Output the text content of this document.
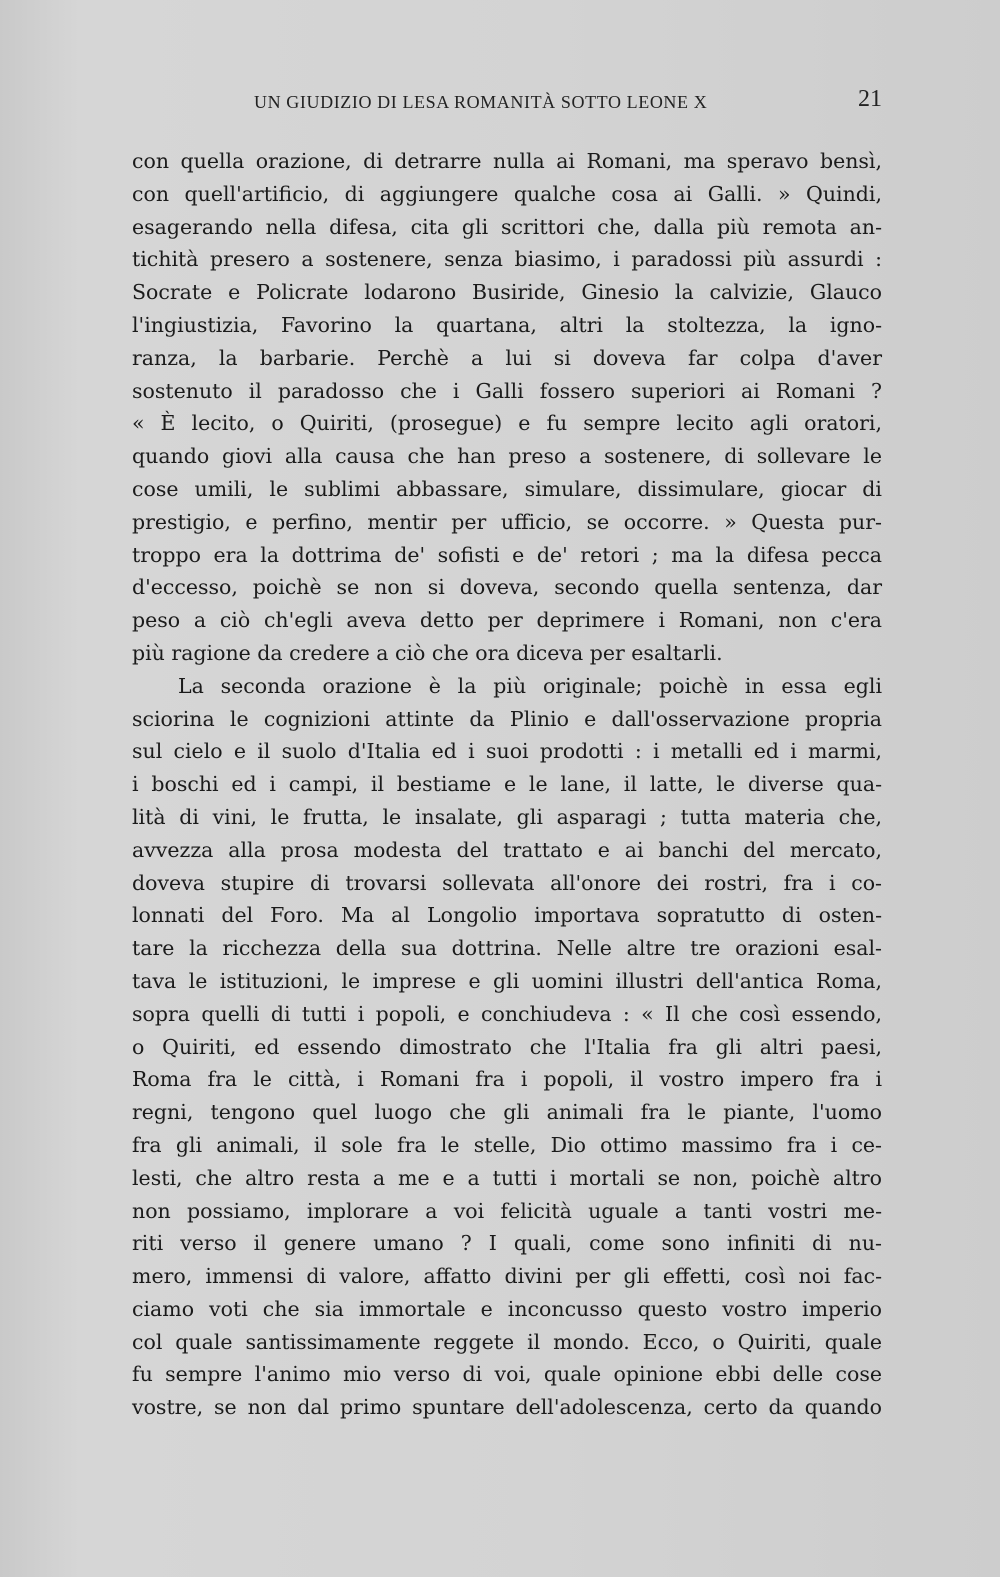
UN GIUDIZIO DI LESA ROMANITÀ SOTTO LEONE X	21
con quella orazione, di detrarre nulla ai Romani, ma speravo bensì,
con quell'artificio, di aggiungere qualche cosa ai Galli. » Quindi,
esagerando nella difesa, cita gli scrittori che, dalla più remota an-
tichità presero a sostenere, senza biasimo, i paradossi più assurdi :
Socrate e Policrate lodarono Busiride, Ginesio la calvizie, Glauco
l'ingiustizia, Favorino la quartana, altri la stoltezza, la igno-
ranza, la barbarie. Perchè a lui si doveva far colpa d'aver
sostenuto il paradosso che i Galli fossero superiori ai Romani ?
« È lecito, o Quiriti, (prosegue) e fu sempre lecito agli oratori,
quando giovi alla causa che han preso a sostenere, di sollevare le
cose umili, le sublimi abbassare, simulare, dissimulare, giocar di
prestigio, e perfino, mentir per ufficio, se occorre. » Questa pur-
troppo era la dottrima de' sofisti e de' retori ; ma la difesa pecca
d'eccesso, poichè se non si doveva, secondo quella sentenza, dar
peso a ciò ch'egli aveva detto per deprimere i Romani, non c'era
più ragione da credere a ciò che ora diceva per esaltarli.
La seconda orazione è la più originale; poichè in essa egli
sciorina le cognizioni attinte da Plinio e dall'osservazione propria
sul cielo e il suolo d'Italia ed i suoi prodotti : i metalli ed i marmi,
i boschi ed i campi, il bestiame e le lane, il latte, le diverse qua-
lità di vini, le frutta, le insalate, gli asparagi ; tutta materia che,
avvezza alla prosa modesta del trattato e ai banchi del mercato,
doveva stupire di trovarsi sollevata all'onore dei rostri, fra i co-
lonnati del Foro. Ma al Longolio importava sopratutto di osten-
tare la ricchezza della sua dottrina. Nelle altre tre orazioni esal-
tava le istituzioni, le imprese e gli uomini illustri dell'antica Roma,
sopra quelli di tutti i popoli, e conchiudeva : « Il che così essendo,
o Quiriti, ed essendo dimostrato che l'Italia fra gli altri paesi,
Roma fra le città, i Romani fra i popoli, il vostro impero fra i
regni, tengono quel luogo che gli animali fra le piante, l'uomo
fra gli animali, il sole fra le stelle, Dio ottimo massimo fra i ce-
lesti, che altro resta a me e a tutti i mortali se non, poichè altro
non possiamo, implorare a voi felicità uguale a tanti vostri me-
riti verso il genere umano ? I quali, come sono infiniti di nu-
mero, immensi di valore, affatto divini per gli effetti, così noi fac-
ciamo voti che sia immortale e inconcusso questo vostro imperio
col quale santissimamente reggete il mondo. Ecco, o Quiriti, quale
fu sempre l'animo mio verso di voi, quale opinione ebbi delle cose
vostre, se non dal primo spuntare dell'adolescenza, certo da quando
